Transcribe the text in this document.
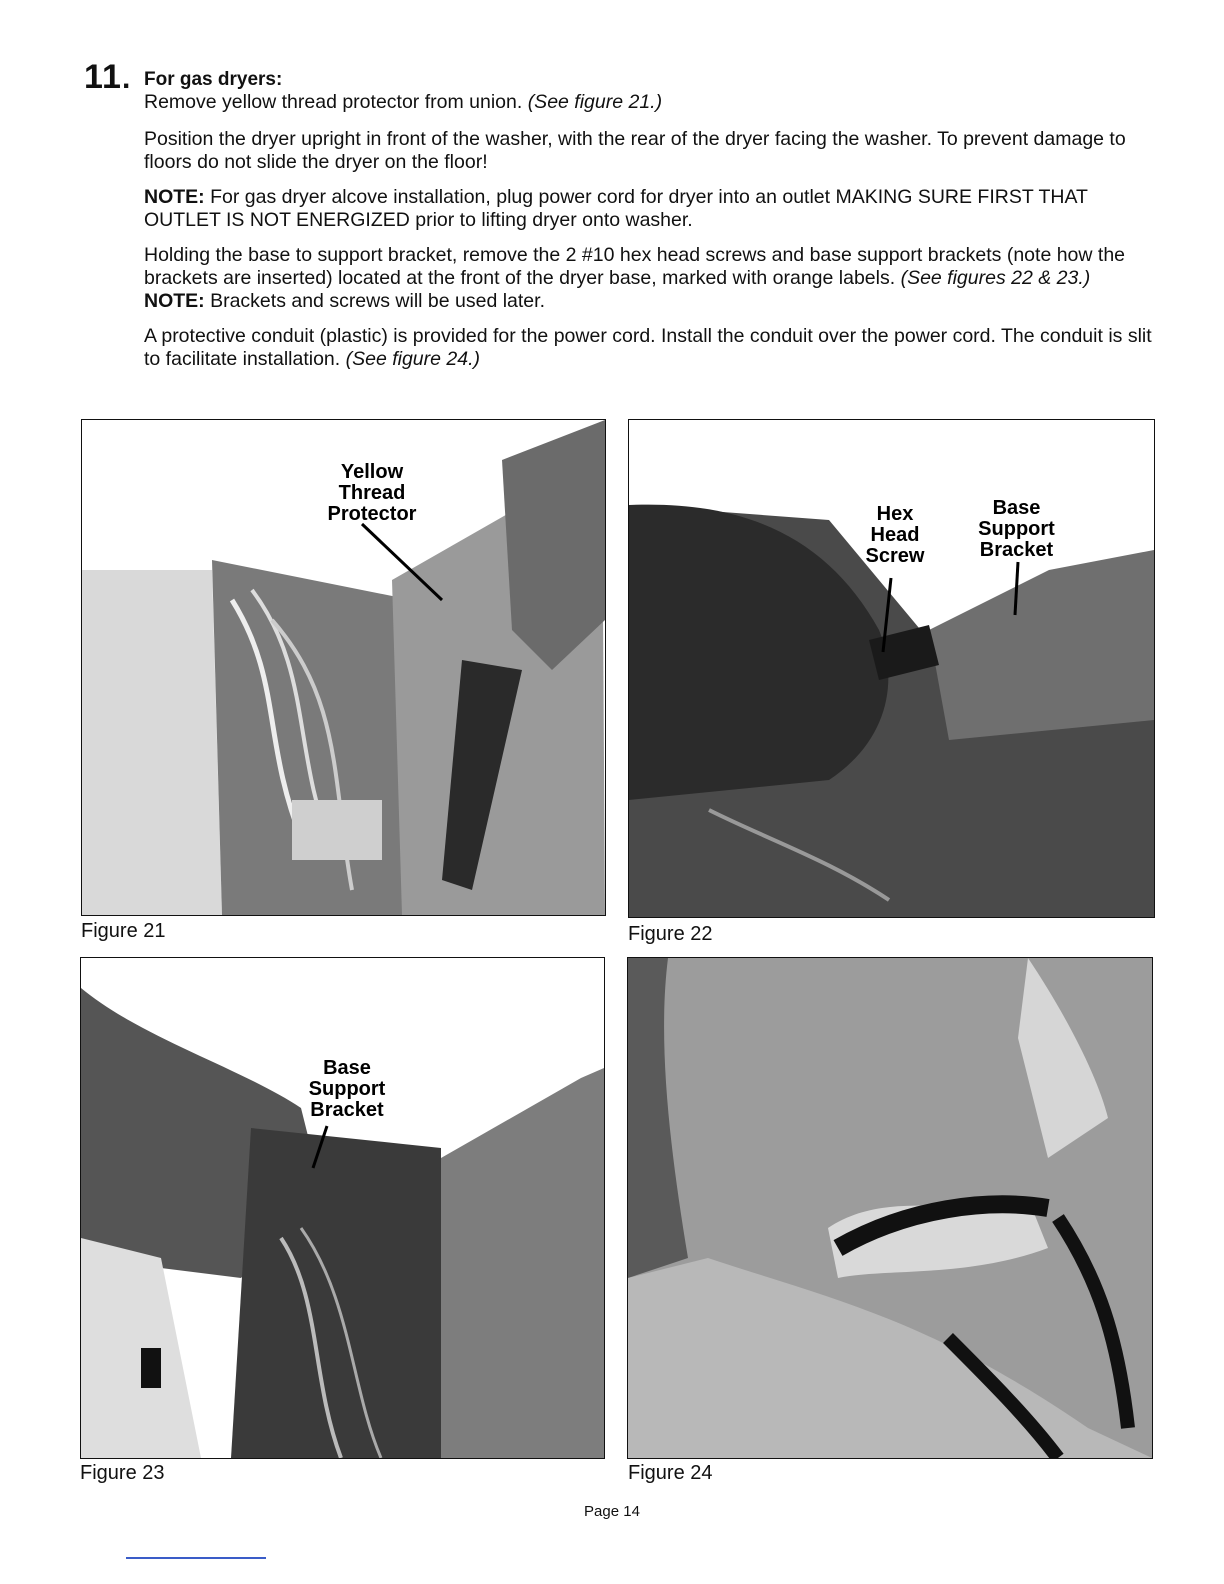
11. For gas dryers:

Remove yellow thread protector from union. (See figure 21.)

Position the dryer upright in front of the washer, with the rear of the dryer facing the washer. To prevent damage to floors do not slide the dryer on the floor!

NOTE: For gas dryer alcove installation, plug power cord for dryer into an outlet MAKING SURE FIRST THAT OUTLET IS NOT ENERGIZED prior to lifting dryer onto washer.

Holding the base to support bracket, remove the 2 #10 hex head screws and base support brackets (note how the brackets are inserted) located at the front of the dryer base, marked with orange labels. (See figures 22 & 23.) NOTE: Brackets and screws will be used later.

A protective conduit (plastic) is provided for the power cord. Install the conduit over the power cord. The conduit is slit to facilitate installation. (See figure 24.)

Yellow
Thread
Protector
Figure 21
Hex
Head
Screw
Base
Support
Bracket
Figure 22
Base
Support
Bracket
Figure 23	Figure 24
Page 14
